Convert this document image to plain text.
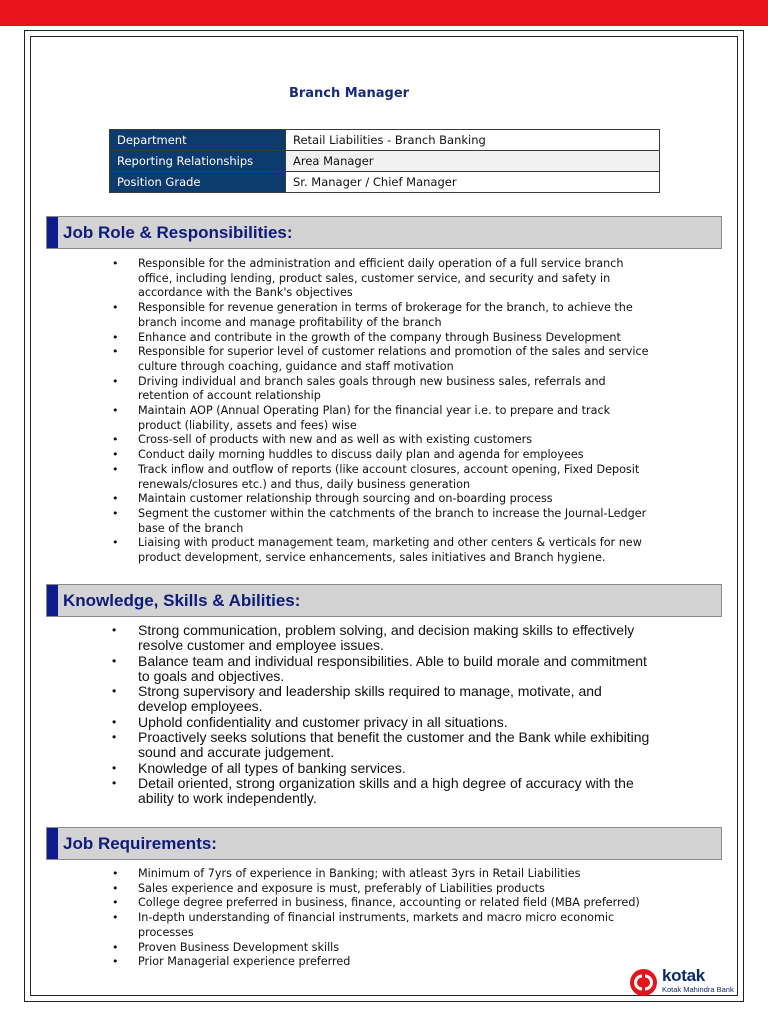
Branch Manager
Department	Retail Liabilities - Branch Banking
Reporting Relationships	Area Manager
Position Grade	Sr. Manager / Chief Manager
Job Role & Responsibilities:
• Responsible for the administration and efficient daily operation of a full service branch office, including lending, product sales, customer service, and security and safety in accordance with the Bank's objectives
• Responsible for revenue generation in terms of brokerage for the branch, to achieve the branch income and manage profitability of the branch
• Enhance and contribute in the growth of the company through Business Development
• Responsible for superior level of customer relations and promotion of the sales and service culture through coaching, guidance and staff motivation
• Driving individual and branch sales goals through new business sales, referrals and retention of account relationship
• Maintain AOP (Annual Operating Plan) for the financial year i.e. to prepare and track product (liability, assets and fees) wise
• Cross-sell of products with new and as well as with existing customers
• Conduct daily morning huddles to discuss daily plan and agenda for employees
• Track inflow and outflow of reports (like account closures, account opening, Fixed Deposit renewals/closures etc.) and thus, daily business generation
• Maintain customer relationship through sourcing and on-boarding process
• Segment the customer within the catchments of the branch to increase the Journal-Ledger base of the branch
• Liaising with product management team, marketing and other centers & verticals for new product development, service enhancements, sales initiatives and Branch hygiene.
Knowledge, Skills & Abilities:
• Strong communication, problem solving, and decision making skills to effectively resolve customer and employee issues.
• Balance team and individual responsibilities. Able to build morale and commitment to goals and objectives.
• Strong supervisory and leadership skills required to manage, motivate, and develop employees.
• Uphold confidentiality and customer privacy in all situations.
• Proactively seeks solutions that benefit the customer and the Bank while exhibiting sound and accurate judgement.
• Knowledge of all types of banking services.
• Detail oriented, strong organization skills and a high degree of accuracy with the ability to work independently.
Job Requirements:
• Minimum of 7yrs of experience in Banking; with atleast 3yrs in Retail Liabilities
• Sales experience and exposure is must, preferably of Liabilities products
• College degree preferred in business, finance, accounting or related field (MBA preferred)
• In-depth understanding of financial instruments, markets and macro micro economic processes
• Proven Business Development skills
• Prior Managerial experience preferred
kotak
Kotak Mahindra Bank
